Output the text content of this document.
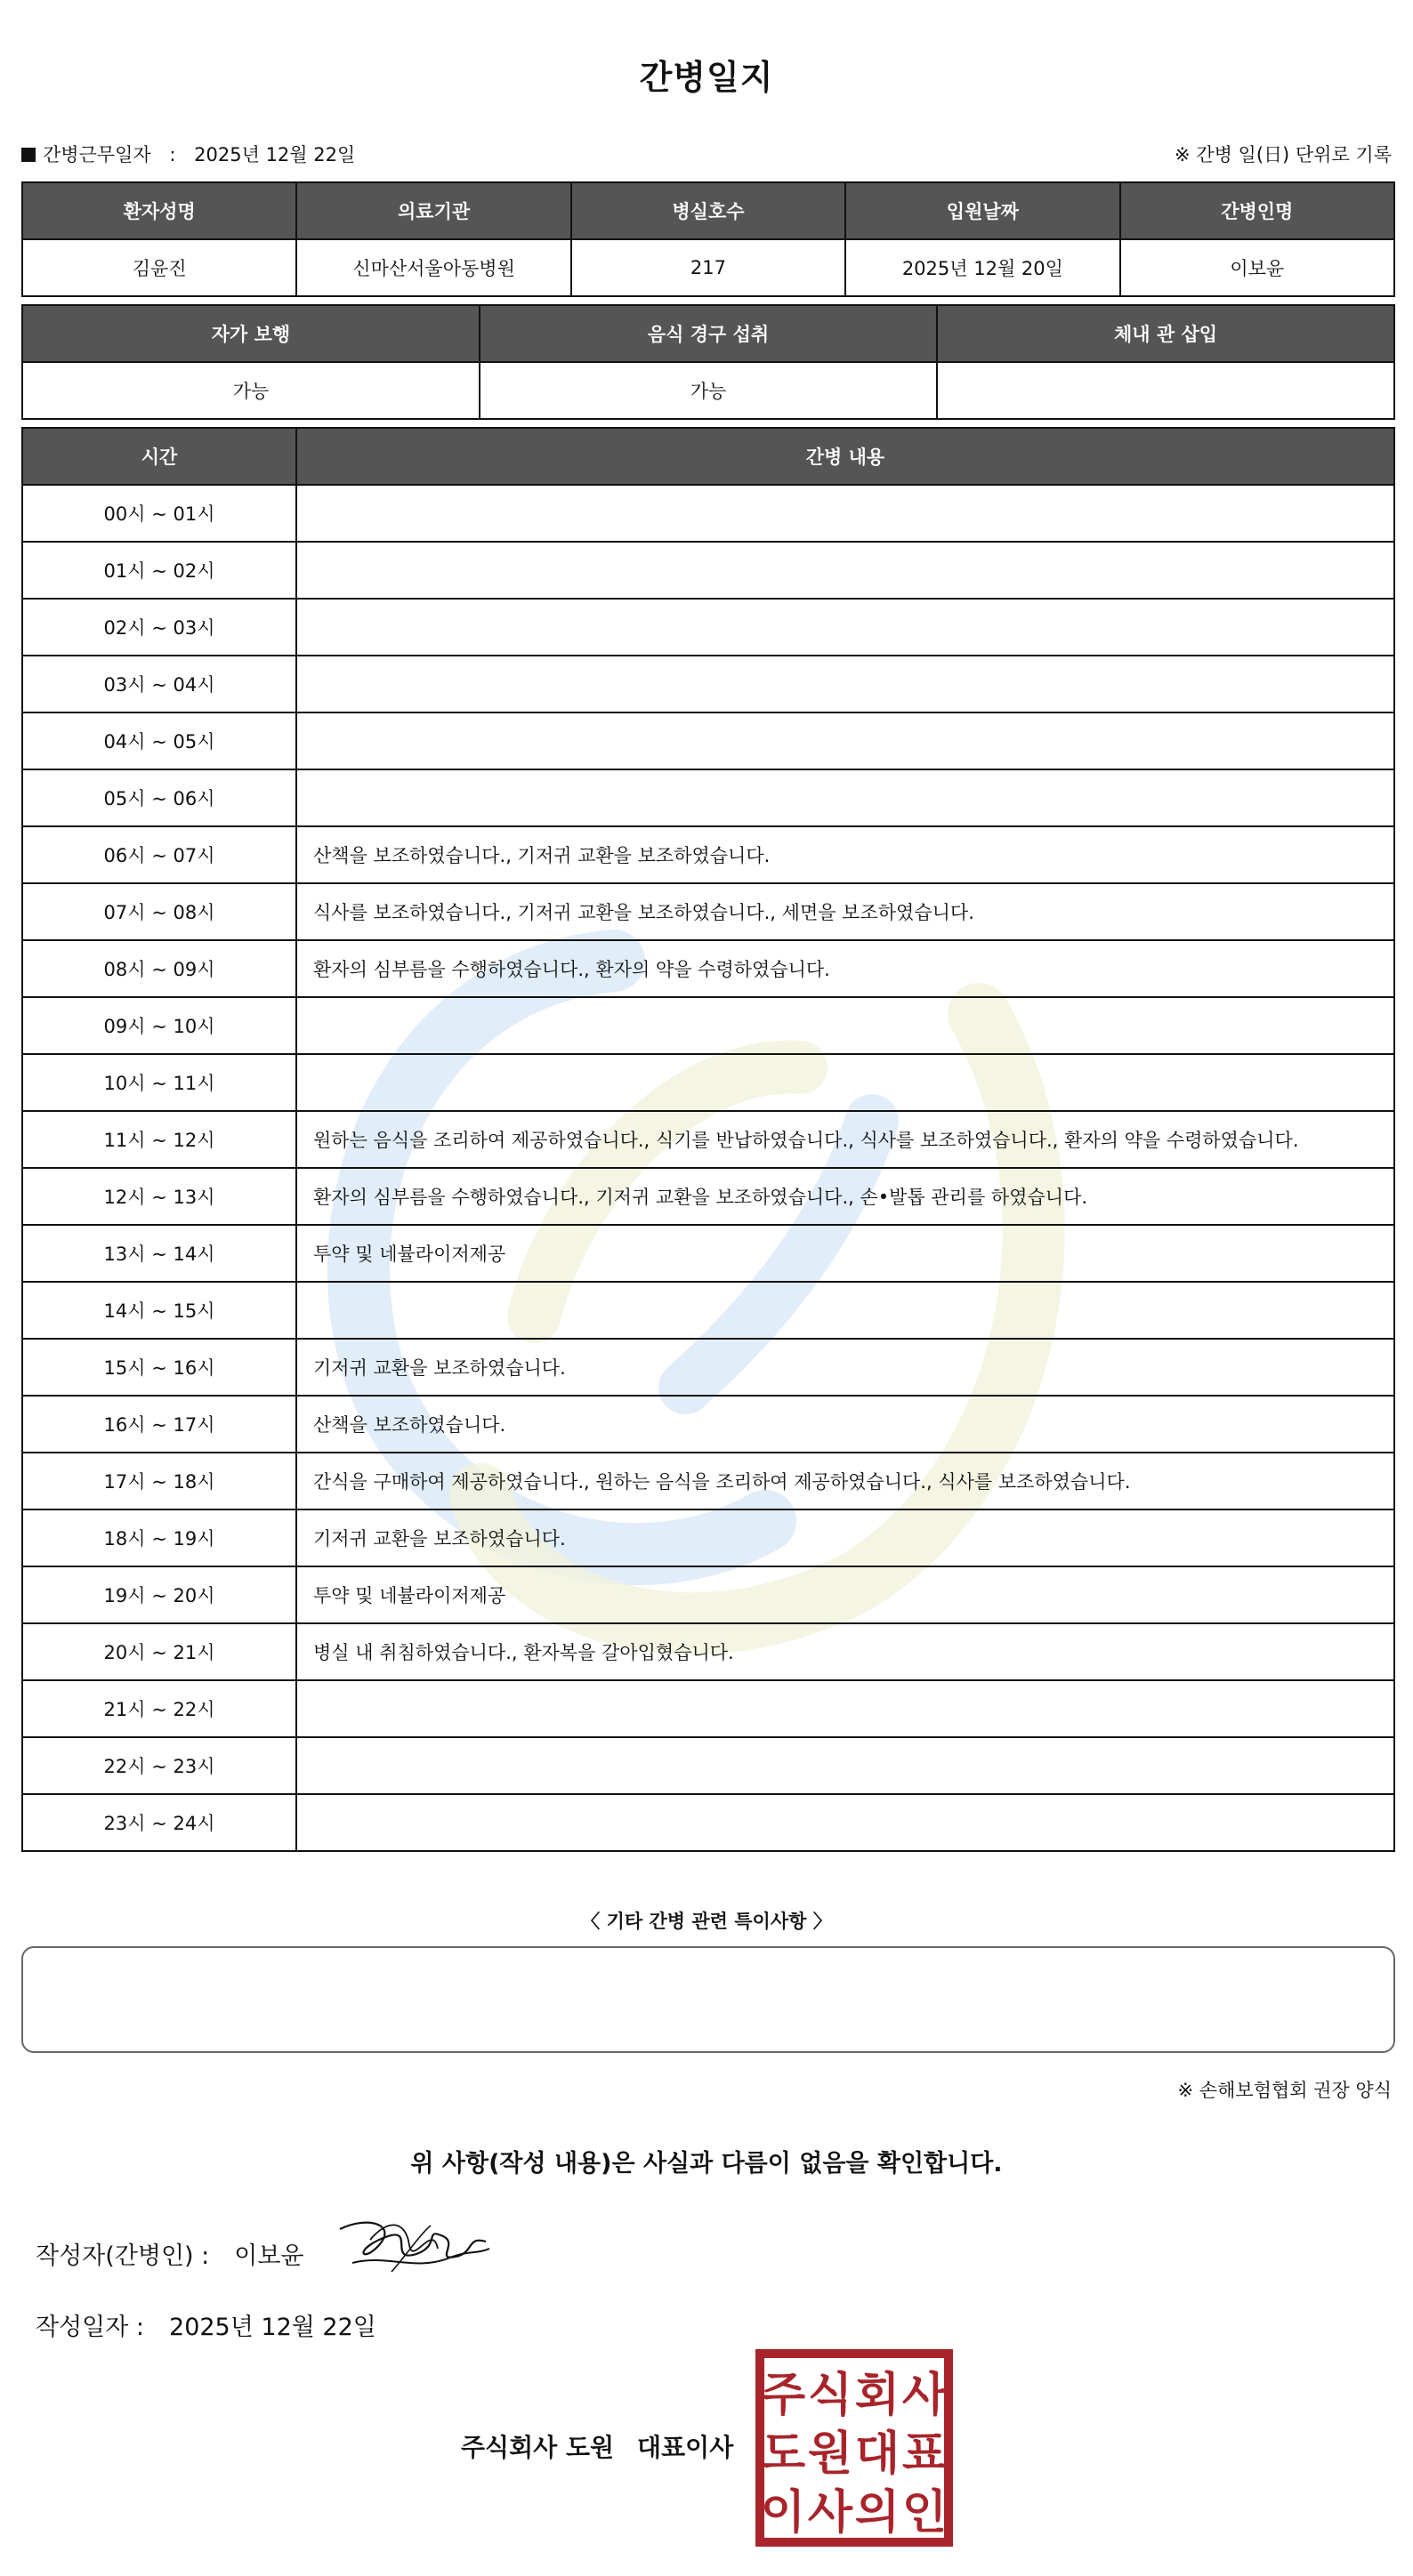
간병일지
간병근무일자 : 2025년 12월 22일	※ 간병 일(日) 단위로 기록
환자성명	의료기관	병실호수	입원날짜	간병인명
김윤진	신마산서울아동병원	217	2025년 12월 20일	이보윤
자가 보행	음식 경구 섭취	체내 관 삽입
가능	가능	
시간	간병 내용
00시 ~ 01시	
01시 ~ 02시	
02시 ~ 03시	
03시 ~ 04시	
04시 ~ 05시	
05시 ~ 06시	
06시 ~ 07시	산책을 보조하였습니다., 기저귀 교환을 보조하였습니다.
07시 ~ 08시	식사를 보조하였습니다., 기저귀 교환을 보조하였습니다., 세면을 보조하였습니다.
08시 ~ 09시	환자의 심부름을 수행하였습니다., 환자의 약을 수령하였습니다.
09시 ~ 10시	
10시 ~ 11시	
11시 ~ 12시	원하는 음식을 조리하여 제공하였습니다., 식기를 반납하였습니다., 식사를 보조하였습니다., 환자의 약을 수령하였습니다.
12시 ~ 13시	환자의 심부름을 수행하였습니다., 기저귀 교환을 보조하였습니다., 손•발톱 관리를 하였습니다.
13시 ~ 14시	투약 및 네뷸라이저제공
14시 ~ 15시	
15시 ~ 16시	기저귀 교환을 보조하였습니다.
16시 ~ 17시	산책을 보조하였습니다.
17시 ~ 18시	간식을 구매하여 제공하였습니다., 원하는 음식을 조리하여 제공하였습니다., 식사를 보조하였습니다.
18시 ~ 19시	기저귀 교환을 보조하였습니다.
19시 ~ 20시	투약 및 네뷸라이저제공
20시 ~ 21시	병실 내 취침하였습니다., 환자복을 갈아입혔습니다.
21시 ~ 22시	
22시 ~ 23시	
23시 ~ 24시	
〈 기타 간병 관련 특이사항 〉
※ 손해보험협회 권장 양식
위 사항(작성 내용)은 사실과 다름이 없음을 확인합니다.
작성자(간병인) : 이보윤
작성일자 : 2025년 12월 22일
주식회사 도원 대표이사
주 식 회 사
도 원 대 표
이 사 의 인
